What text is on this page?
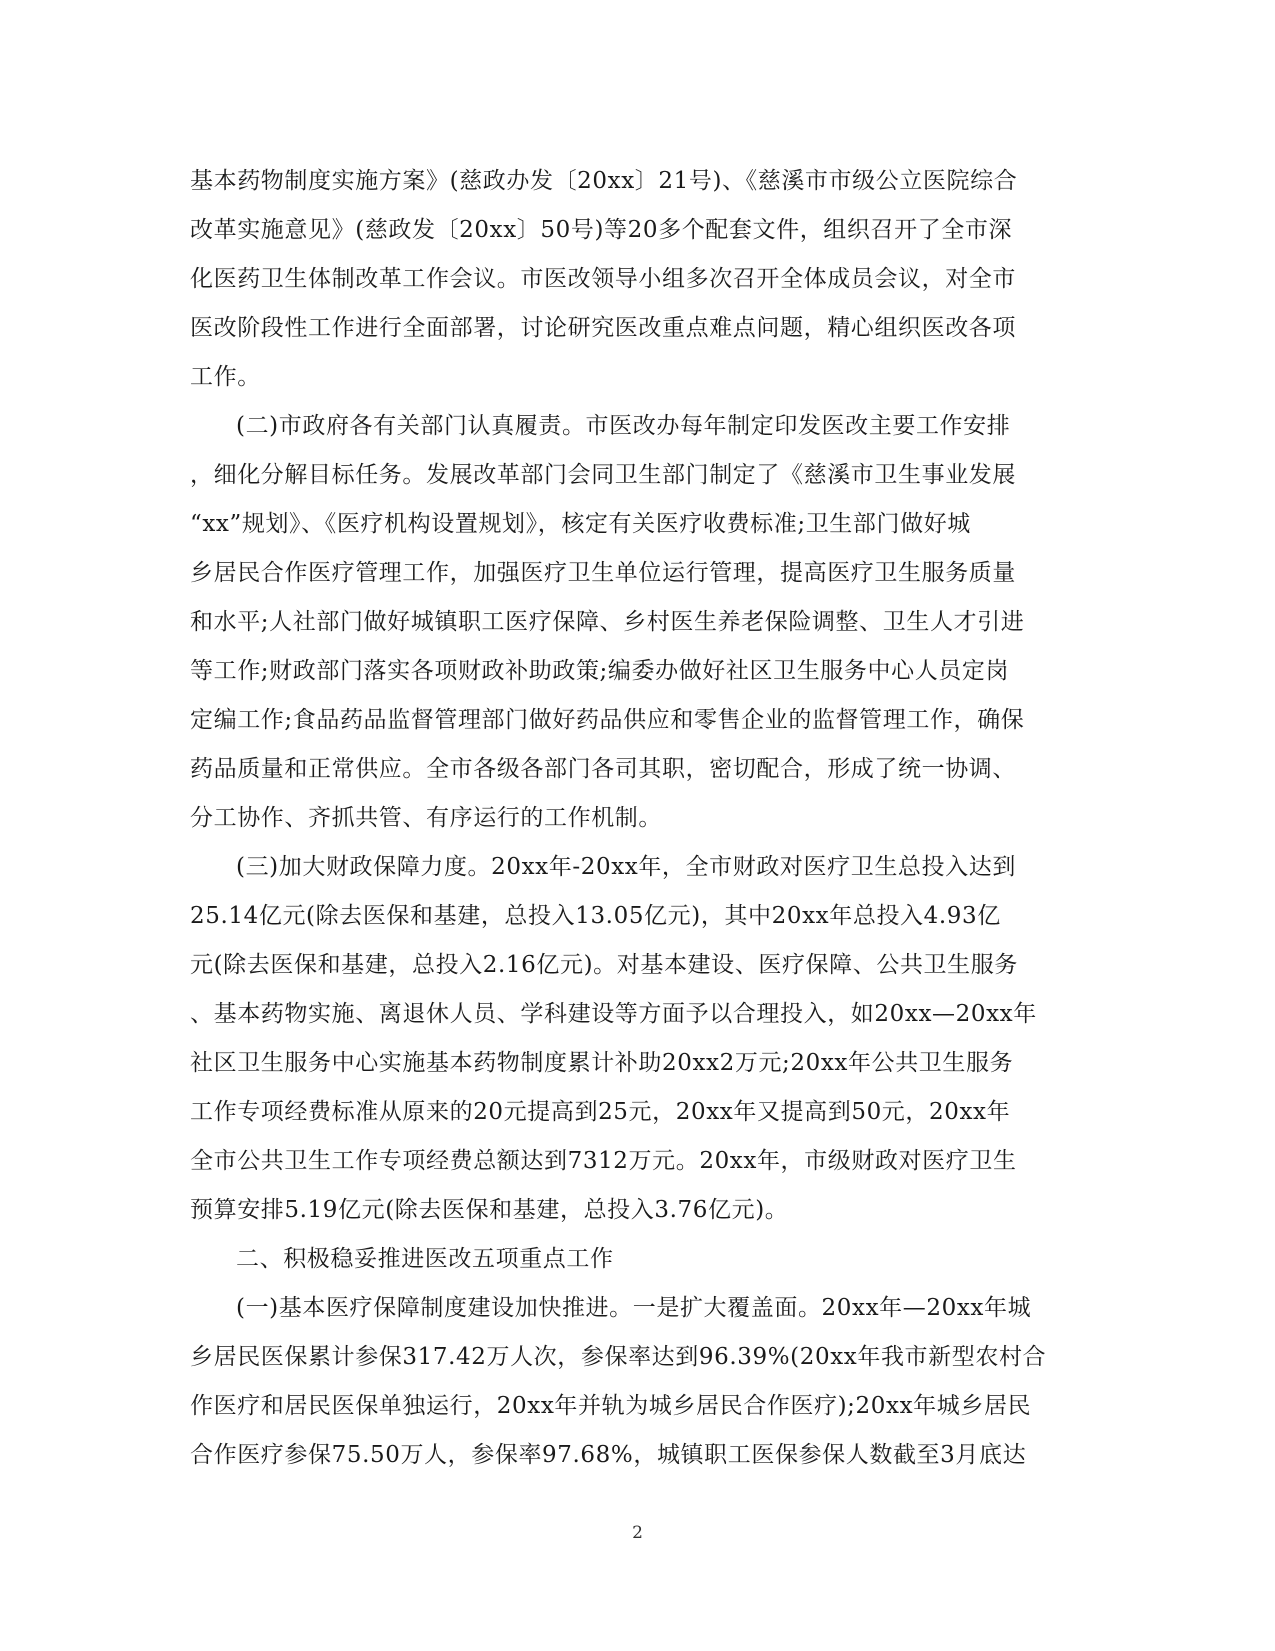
基本药物制度实施方案》(慈政办发〔20xx〕21号)、《慈溪市市级公立医院综合
改革实施意见》(慈政发〔20xx〕50号)等20多个配套文件，组织召开了全市深
化医药卫生体制改革工作会议。市医改领导小组多次召开全体成员会议，对全市
医改阶段性工作进行全面部署，讨论研究医改重点难点问题，精心组织医改各项
工作。
(二)市政府各有关部门认真履责。市医改办每年制定印发医改主要工作安排
，细化分解目标任务。发展改革部门会同卫生部门制定了《慈溪市卫生事业发展
“xx”规划》、《医疗机构设置规划》，核定有关医疗收费标准;卫生部门做好城
乡居民合作医疗管理工作，加强医疗卫生单位运行管理，提高医疗卫生服务质量
和水平;人社部门做好城镇职工医疗保障、乡村医生养老保险调整、卫生人才引进
等工作;财政部门落实各项财政补助政策;编委办做好社区卫生服务中心人员定岗
定编工作;食品药品监督管理部门做好药品供应和零售企业的监督管理工作，确保
药品质量和正常供应。全市各级各部门各司其职，密切配合，形成了统一协调、
分工协作、齐抓共管、有序运行的工作机制。
(三)加大财政保障力度。20xx年-20xx年，全市财政对医疗卫生总投入达到
25.14亿元(除去医保和基建，总投入13.05亿元)，其中20xx年总投入4.93亿
元(除去医保和基建，总投入2.16亿元)。对基本建设、医疗保障、公共卫生服务
、基本药物实施、离退休人员、学科建设等方面予以合理投入，如20xx—20xx年
社区卫生服务中心实施基本药物制度累计补助20xx2万元;20xx年公共卫生服务
工作专项经费标准从原来的20元提高到25元，20xx年又提高到50元，20xx年
全市公共卫生工作专项经费总额达到7312万元。20xx年，市级财政对医疗卫生
预算安排5.19亿元(除去医保和基建，总投入3.76亿元)。
二、积极稳妥推进医改五项重点工作
(一)基本医疗保障制度建设加快推进。一是扩大覆盖面。20xx年—20xx年城
乡居民医保累计参保317.42万人次，参保率达到96.39%(20xx年我市新型农村合
作医疗和居民医保单独运行，20xx年并轨为城乡居民合作医疗);20xx年城乡居民
合作医疗参保75.50万人，参保率97.68%，城镇职工医保参保人数截至3月底达
2
